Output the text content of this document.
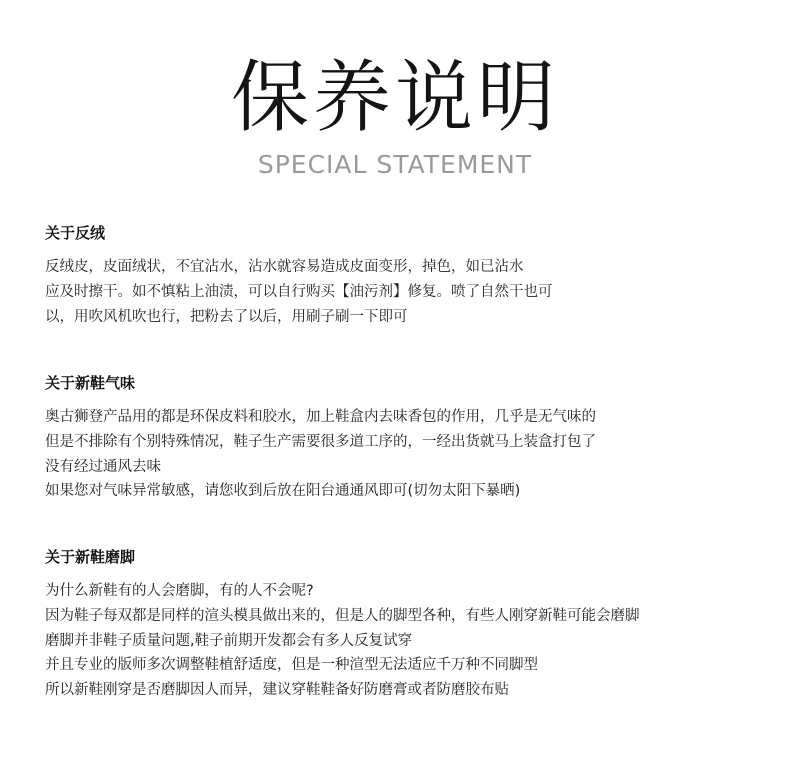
保养说明
SPECIAL STATEMENT
关于反绒
反绒皮，皮面绒状，不宜沾水，沾水就容易造成皮面变形，掉色，如已沾水
应及时擦干。如不慎粘上油渍，可以自行购买【油污剂】修复。喷了自然干也可
以，用吹风机吹也行，把粉去了以后，用刷子刷一下即可
关于新鞋气味
奥古狮登产品用的都是环保皮料和胶水，加上鞋盒内去味香包的作用，几乎是无气味的
但是不排除有个别特殊情况，鞋子生产需要很多道工序的，一经出货就马上装盒打包了
没有经过通风去味
如果您对气味异常敏感，请您收到后放在阳台通通风即可(切勿太阳下暴晒)
关于新鞋磨脚
为什么新鞋有的人会磨脚，有的人不会呢?
因为鞋子每双都是同样的渲头模具做出来的，但是人的脚型各种，有些人刚穿新鞋可能会磨脚
磨脚并非鞋子质量问题,鞋子前期开发都会有多人反复试穿
并且专业的版师多次调整鞋植舒适度，但是一种渲型无法适应千万种不同脚型
所以新鞋刚穿是否磨脚因人而异，建议穿鞋鞋备好防磨膏或者防磨胶布贴
